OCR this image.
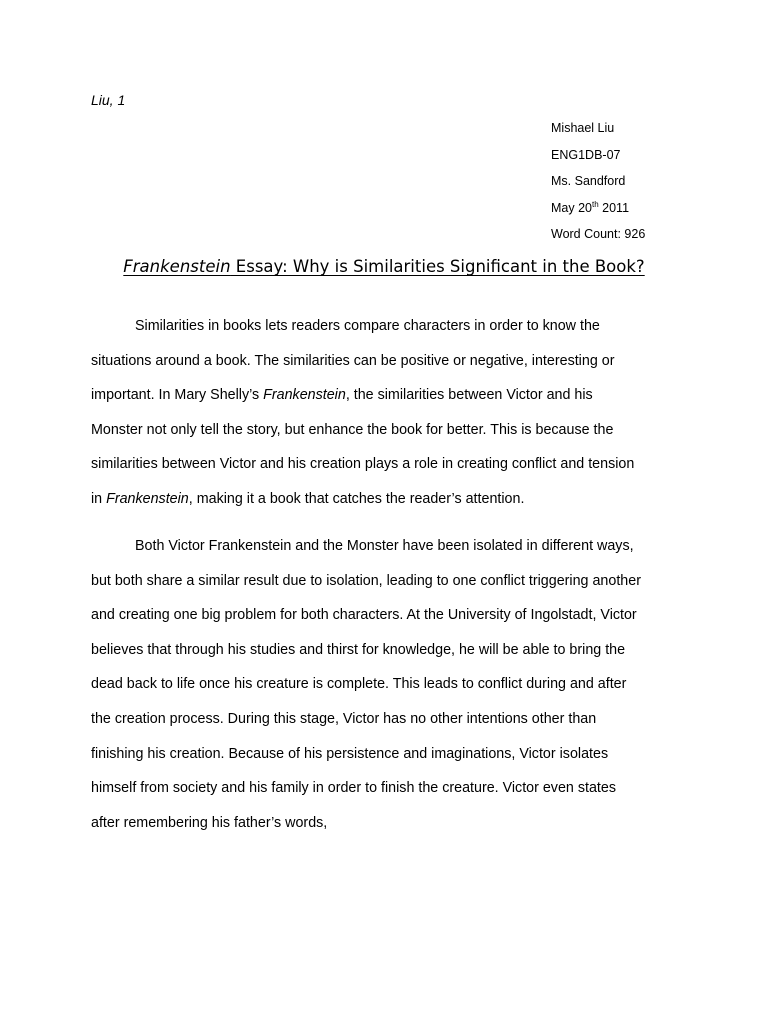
Liu, 1
Mishael Liu
ENG1DB-07
Ms. Sandford
May 20th 2011
Word Count: 926
Frankenstein Essay: Why is Similarities Significant in the Book?
Similarities in books lets readers compare characters in order to know the
situations around a book. The similarities can be positive or negative, interesting or
important. In Mary Shelly’s Frankenstein, the similarities between Victor and his
Monster not only tell the story, but enhance the book for better. This is because the
similarities between Victor and his creation plays a role in creating conflict and tension
in Frankenstein, making it a book that catches the reader’s attention.
Both Victor Frankenstein and the Monster have been isolated in different ways,
but both share a similar result due to isolation, leading to one conflict triggering another
and creating one big problem for both characters. At the University of Ingolstadt, Victor
believes that through his studies and thirst for knowledge, he will be able to bring the
dead back to life once his creature is complete. This leads to conflict during and after
the creation process. During this stage, Victor has no other intentions other than
finishing his creation. Because of his persistence and imaginations, Victor isolates
himself from society and his family in order to finish the creature. Victor even states
after remembering his father’s words,
